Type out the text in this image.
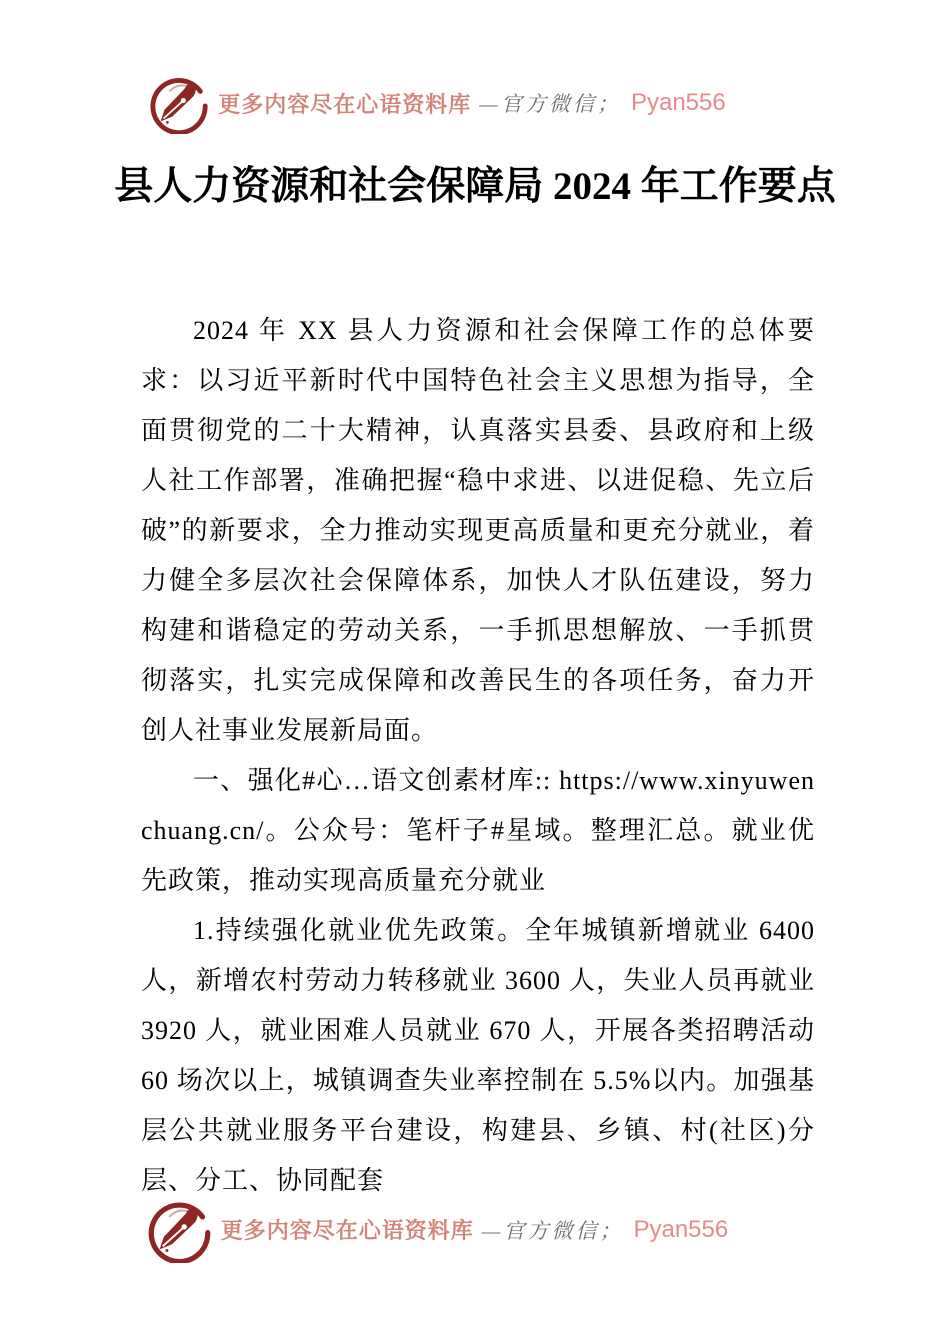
更多内容尽在心语资料库 —官方微信； Pyan556
县人力资源和社会保障局 2024 年工作要点

2024 年 XX 县人力资源和社会保障工作的总体要求：以习近平新时代中国特色社会主义思想为指导，全面贯彻党的二十大精神，认真落实县委、县政府和上级人社工作部署，准确把握“稳中求进、以进促稳、先立后破”的新要求，全力推动实现更高质量和更充分就业，着力健全多层次社会保障体系，加快人才队伍建设，努力构建和谐稳定的劳动关系，一手抓思想解放、一手抓贯彻落实，扎实完成保障和改善民生的各项任务，奋力开创人社事业发展新局面。

一、强化#心…语文创素材库:: https://www.xinyuwenchuang.cn/。公众号：笔杆子#星域。整理汇总。就业优先政策，推动实现高质量充分就业

1.持续强化就业优先政策。全年城镇新增就业 6400 人，新增农村劳动力转移就业 3600 人，失业人员再就业 3920 人，就业困难人员就业 670 人，开展各类招聘活动 60 场次以上，城镇调查失业率控制在 5.5%以内。加强基层公共就业服务平台建设，构建县、乡镇、村(社区)分层、分工、协同配套

更多内容尽在心语资料库 —官方微信； Pyan556
